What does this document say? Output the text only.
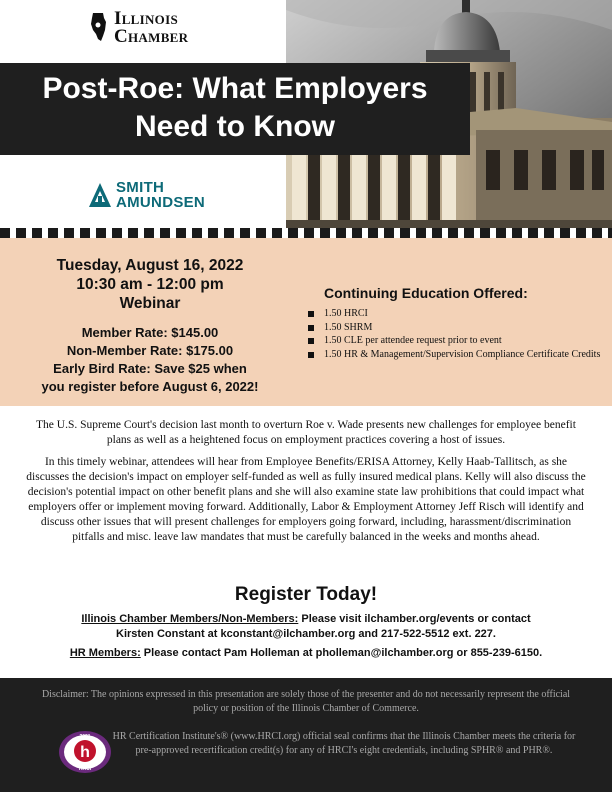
Illinois
Chamber
Post-Roe: What Employers
Need to Know
SMITH
AMUNDSEN
Tuesday, August 16, 2022
10:30 am - 12:00 pm
Webinar
Member Rate: $145.00
Non-Member Rate: $175.00
Early Bird Rate: Save $25 when
you register before August 6, 2022!
Continuing Education Offered:
1.50 HRCI
1.50 SHRM
1.50 CLE per attendee request prior to event
1.50 HR & Management/Supervision Compliance Certificate Credits

The U.S. Supreme Court's decision last month to overturn Roe v. Wade presents new challenges for employee benefit plans as well as a heightened focus on employment practices covering a host of issues.

In this timely webinar, attendees will hear from Employee Benefits/ERISA Attorney, Kelly Haab-Tallitsch, as she discusses the decision's impact on employer self-funded as well as fully insured medical plans. Kelly will also discuss the decision's potential impact on other benefit plans and she will also examine state law prohibitions that could impact what employers offer or implement moving forward. Additionally, Labor & Employment Attorney Jeff Risch will identify and discuss other issues that will present challenges for employers going forward, including, harassment/discrimination pitfalls and misc. leave law mandates that must be carefully balanced in the weeks and months ahead.

Register Today!
Illinois Chamber Members/Non-Members: Please visit ilchamber.org/events or contact
Kirsten Constant at kconstant@ilchamber.org and 217-522-5512 ext. 227.
HR Members: Please contact Pam Holleman at pholleman@ilchamber.org or 855-239-6150.
Disclaimer: The opinions expressed in this presentation are solely those of the presenter and do not necessarily represent the official policy or position of the Illinois Chamber of Commerce.
h
2021
HRCI
HR Certification Institute's® (www.HRCI.org) official seal confirms that the Illinois Chamber meets the criteria for pre-approved recertification credit(s) for any of HRCI's eight credentials, including SPHR® and PHR®.
